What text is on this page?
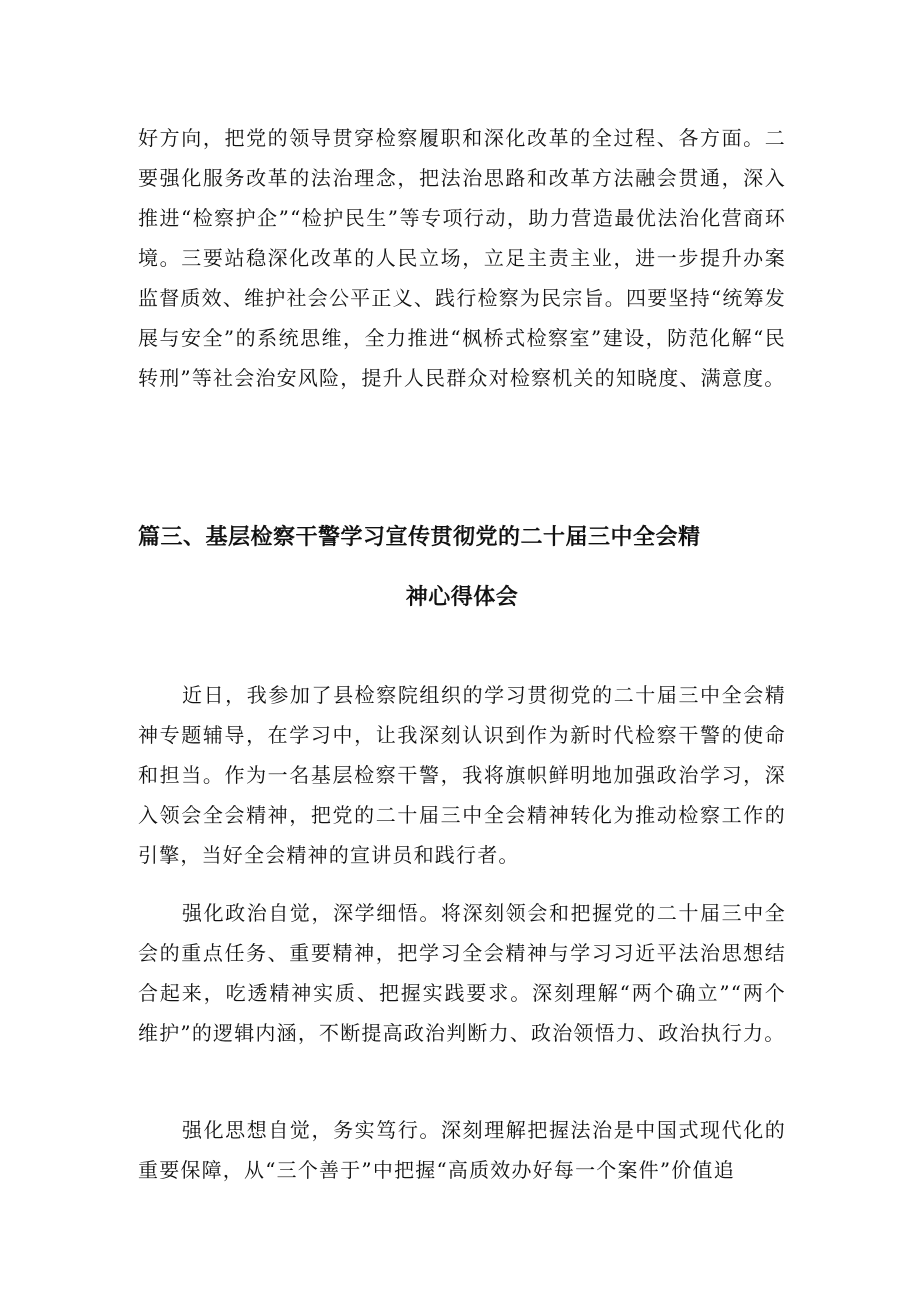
好方向，把党的领导贯穿检察履职和深化改革的全过程、各方面。二要强化服务改革的法治理念，把法治思路和改革方法融会贯通，深入推进“检察护企”“检护民生”等专项行动，助力营造最优法治化营商环境。三要站稳深化改革的人民立场，立足主责主业，进一步提升办案监督质效、维护社会公平正义、践行检察为民宗旨。四要坚持“统筹发展与安全”的系统思维，全力推进“枫桥式检察室”建设，防范化解“民转刑”等社会治安风险，提升人民群众对检察机关的知晓度、满意度。

篇三、基层检察干警学习宣传贯彻党的二十届三中全会精
神心得体会

近日，我参加了县检察院组织的学习贯彻党的二十届三中全会精神专题辅导，在学习中，让我深刻认识到作为新时代检察干警的使命和担当。作为一名基层检察干警，我将旗帜鲜明地加强政治学习，深入领会全会精神，把党的二十届三中全会精神转化为推动检察工作的引擎，当好全会精神的宣讲员和践行者。

强化政治自觉，深学细悟。将深刻领会和把握党的二十届三中全会的重点任务、重要精神，把学习全会精神与学习习近平法治思想结合起来，吃透精神实质、把握实践要求。深刻理解“两个确立”“两个维护”的逻辑内涵，不断提高政治判断力、政治领悟力、政治执行力。

强化思想自觉，务实笃行。深刻理解把握法治是中国式现代化的重要保障，从“三个善于”中把握“高质效办好每一个案件”价值追
